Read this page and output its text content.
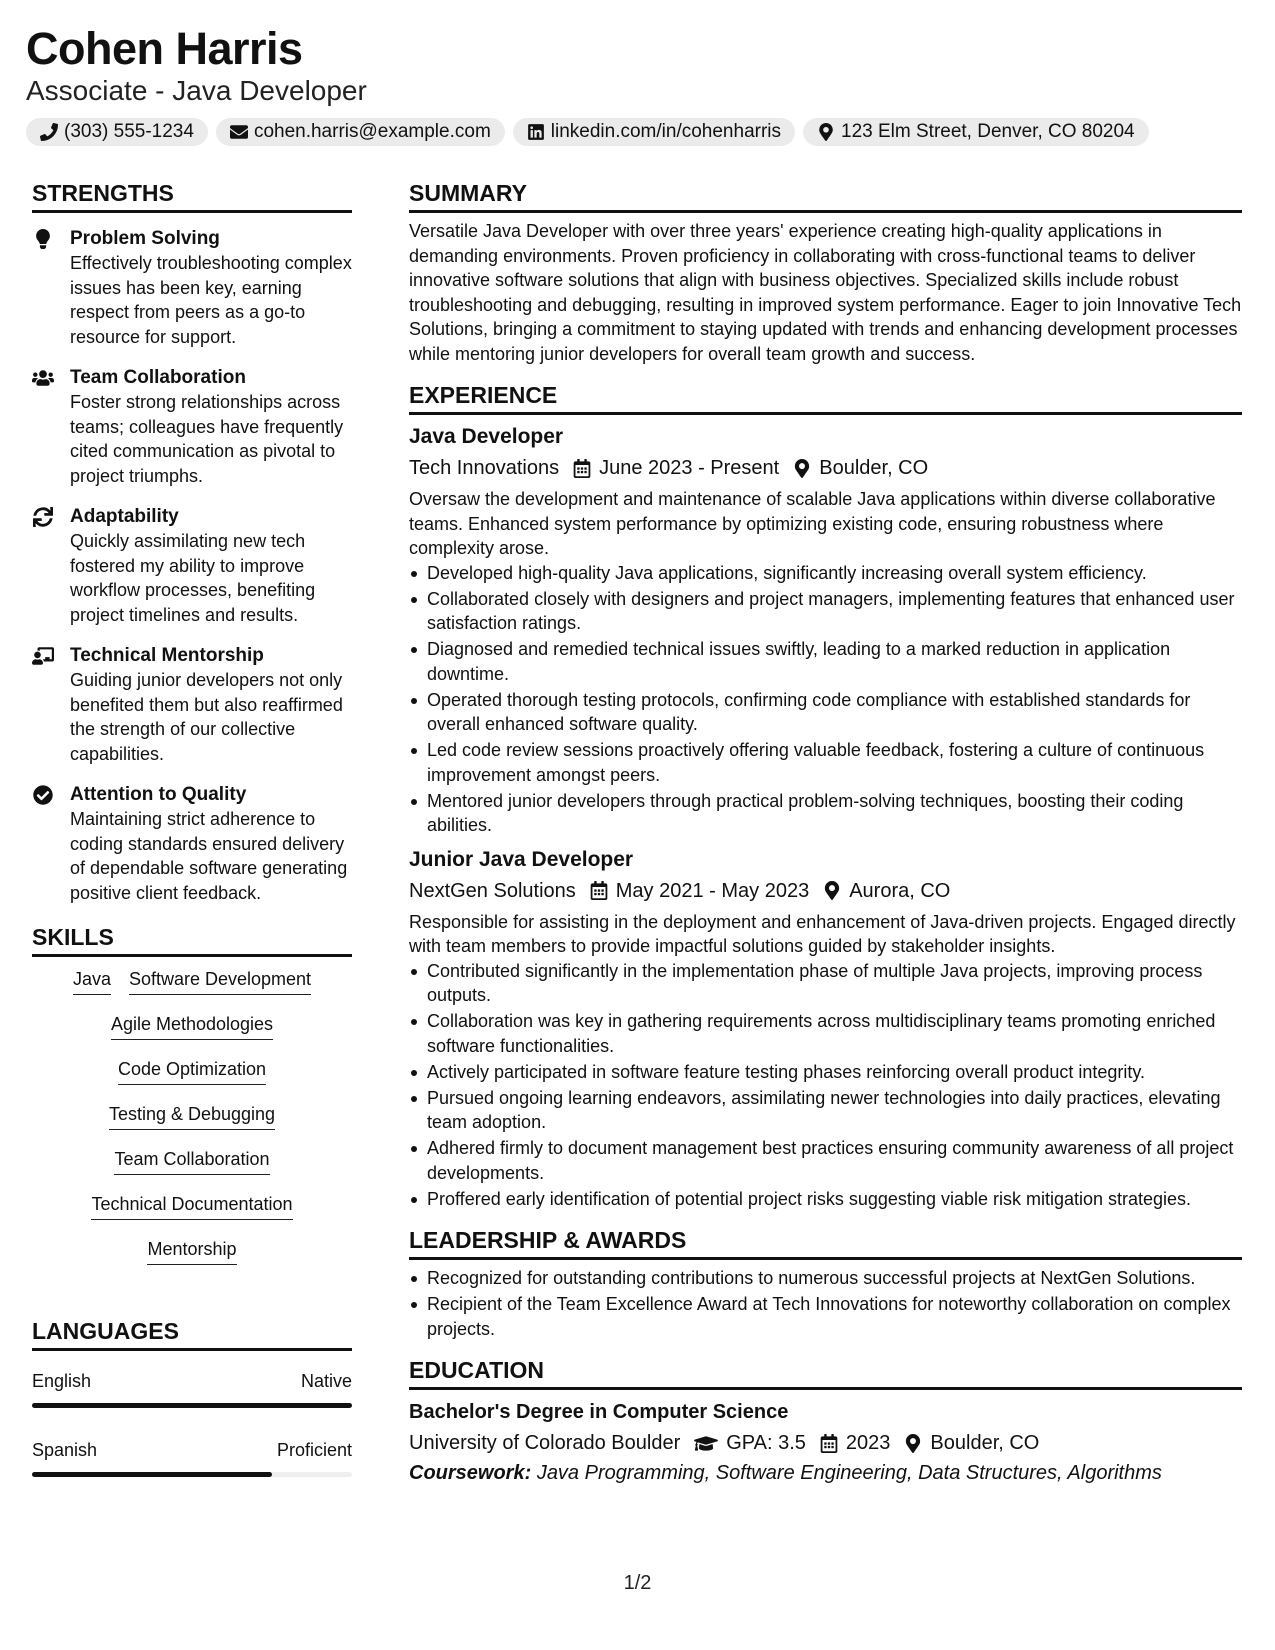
Cohen Harris
Associate - Java Developer
(303) 555-1234	cohen.harris@example.com	linkedin.com/in/cohenharris	123 Elm Street, Denver, CO 80204
STRENGTHS
Problem Solving
Effectively troubleshooting complex issues has been key, earning respect from peers as a go-to resource for support.
Team Collaboration
Foster strong relationships across teams; colleagues have frequently cited communication as pivotal to project triumphs.
Adaptability
Quickly assimilating new tech fostered my ability to improve workflow processes, benefiting project timelines and results.
Technical Mentorship
Guiding junior developers not only benefited them but also reaffirmed the strength of our collective capabilities.
Attention to Quality
Maintaining strict adherence to coding standards ensured delivery of dependable software generating positive client feedback.
SKILLS
Java Software Development
Agile Methodologies
Code Optimization
Testing & Debugging
Team Collaboration
Technical Documentation
Mentorship
LANGUAGES
English	Native
Spanish	Proficient
SUMMARY
Versatile Java Developer with over three years' experience creating high-quality applications in demanding environments. Proven proficiency in collaborating with cross-functional teams to deliver innovative software solutions that align with business objectives. Specialized skills include robust troubleshooting and debugging, resulting in improved system performance. Eager to join Innovative Tech Solutions, bringing a commitment to staying updated with trends and enhancing development processes while mentoring junior developers for overall team growth and success.
EXPERIENCE
Java Developer
Tech Innovations June 2023 - Present Boulder, CO
Oversaw the development and maintenance of scalable Java applications within diverse collaborative teams. Enhanced system performance by optimizing existing code, ensuring robustness where complexity arose.
Developed high-quality Java applications, significantly increasing overall system efficiency.
Collaborated closely with designers and project managers, implementing features that enhanced user satisfaction ratings.
Diagnosed and remedied technical issues swiftly, leading to a marked reduction in application downtime.
Operated thorough testing protocols, confirming code compliance with established standards for overall enhanced software quality.
Led code review sessions proactively offering valuable feedback, fostering a culture of continuous improvement amongst peers.
Mentored junior developers through practical problem-solving techniques, boosting their coding abilities.
Junior Java Developer
NextGen Solutions May 2021 - May 2023 Aurora, CO
Responsible for assisting in the deployment and enhancement of Java-driven projects. Engaged directly with team members to provide impactful solutions guided by stakeholder insights.
Contributed significantly in the implementation phase of multiple Java projects, improving process outputs.
Collaboration was key in gathering requirements across multidisciplinary teams promoting enriched software functionalities.
Actively participated in software feature testing phases reinforcing overall product integrity.
Pursued ongoing learning endeavors, assimilating newer technologies into daily practices, elevating team adoption.
Adhered firmly to document management best practices ensuring community awareness of all project developments.
Proffered early identification of potential project risks suggesting viable risk mitigation strategies.
LEADERSHIP & AWARDS
Recognized for outstanding contributions to numerous successful projects at NextGen Solutions.
Recipient of the Team Excellence Award at Tech Innovations for noteworthy collaboration on complex projects.
EDUCATION
Bachelor's Degree in Computer Science
University of Colorado Boulder GPA: 3.5 2023 Boulder, CO
Coursework: Java Programming, Software Engineering, Data Structures, Algorithms
1/2
